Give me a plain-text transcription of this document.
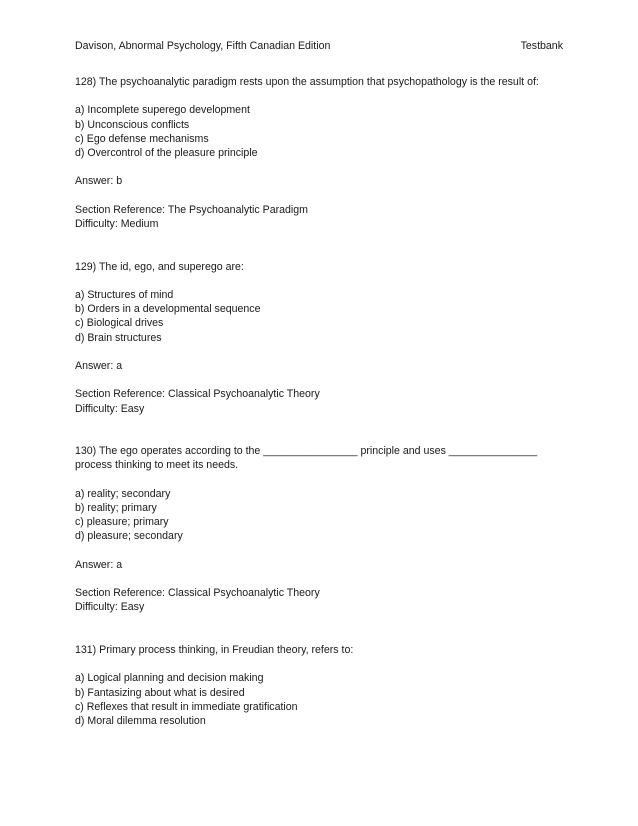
Davison, Abnormal Psychology, Fifth Canadian Edition	Testbank
128) The psychoanalytic paradigm rests upon the assumption that psychopathology is the result of:
a) Incomplete superego development
b) Unconscious conflicts
c) Ego defense mechanisms
d) Overcontrol of the pleasure principle
Answer: b
Section Reference: The Psychoanalytic Paradigm
Difficulty: Medium
129) The id, ego, and superego are:
a) Structures of mind
b) Orders in a developmental sequence
c) Biological drives
d) Brain structures
Answer: a
Section Reference: Classical Psychoanalytic Theory
Difficulty: Easy
130) The ego operates according to the ________________ principle and uses _______________ process thinking to meet its needs.
a) reality; secondary
b) reality; primary
c) pleasure; primary
d) pleasure; secondary
Answer: a
Section Reference: Classical Psychoanalytic Theory
Difficulty: Easy
131) Primary process thinking, in Freudian theory, refers to:
a) Logical planning and decision making
b) Fantasizing about what is desired
c) Reflexes that result in immediate gratification
d) Moral dilemma resolution
